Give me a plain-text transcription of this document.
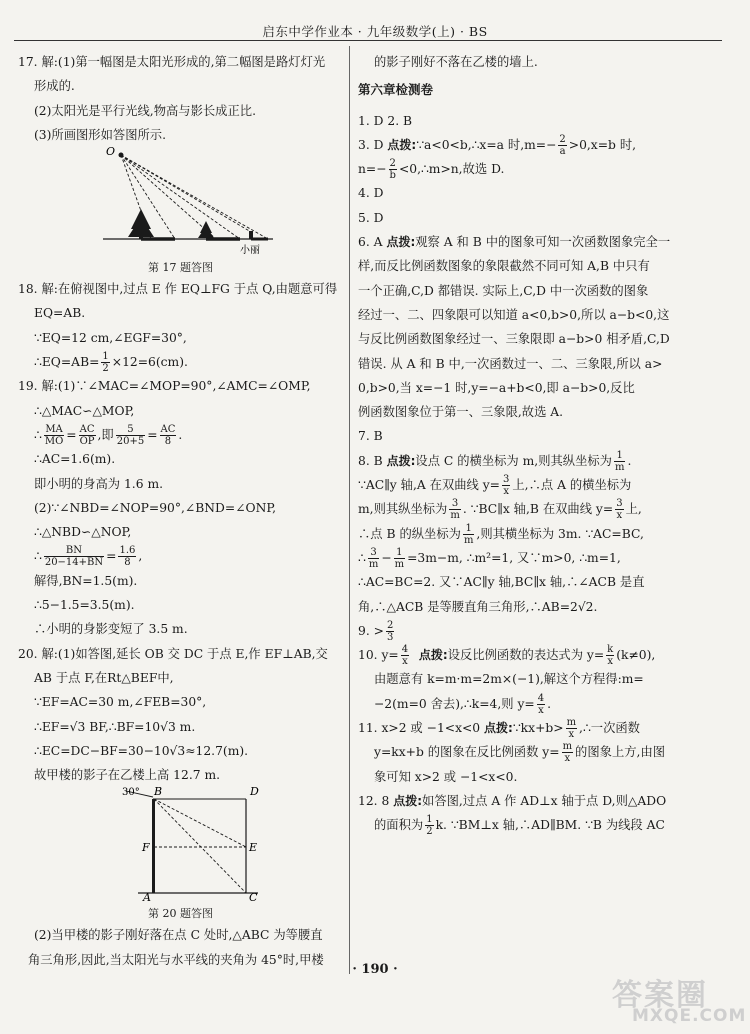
启东中学作业本 · 九年级数学(上) · BS
17. 解:(1)第一幅图是太阳光形成的,第二幅图是路灯灯光
形成的.
(2)太阳光是平行光线,物高与影长成正比.
(3)所画图形如答图所示.
O
小丽
第 17 题答图
18. 解:在俯视图中,过点 E 作 EQ⊥FG 于点 Q,由题意可得
EQ=AB.
∵EQ=12 cm,∠EGF=30°,
∴EQ=AB= $\frac{1}{2} \times 12=6(cm)$.
19. 解:(1)∵∠MAC=∠MOP=90°,∠AMC=∠OMP,
∴△MAC∽△MOP,
∴ $\frac{MA}{MO} = \frac{AC}{OP}$ ,即 $\frac{5}{20+5} = \frac{AC}{8}$ .
∴AC=1.6(m).
即小明的身高为 1.6 m.
(2)∵∠NBD=∠NOP=90°,∠BND=∠ONP,
∴△NBD∽△NOP,
∴ $\frac{BN}{20-14+BN} = \frac{1.6}{8}$ ,
解得,BN=1.5(m).
∴5−1.5=3.5(m).
∴小明的身影变短了 3.5 m.
20. 解:(1)如答图,延长 OB 交 DC 于点 E,作 EF⊥AB,交
AB 于点 F,在Rt△BEF中,
∵EF=AC=30 m,∠FEB=30°,
∴EF=√3 BF,∴BF=10√3 m.
∴EC=DC−BF=30−10√3≈12.7(m).
故甲楼的影子在乙楼上高 12.7 m.
30° B	D
F	E
A	C
第 20 题答图
(2)当甲楼的影子刚好落在点 C 处时,△ABC 为等腰直
角三角形,因此,当太阳光与水平线的夹角为 45°时,甲楼
的影子刚好不落在乙楼的墙上.
第六章检测卷
1. D 2. B
3. D 点拨:∵a<0<b,∴x=a 时$,m=- \frac{2}{a} >0,x=b$ 时,
$n=- \frac{2}{b}$ <0,∴m>n,故选 D.
4. D
5. D
6. A 点拨:观察 A 和 B 中的图象可知一次函数图象完全一
样,而反比例函数图象的象限截然不同可知 A,B 中只有
一个正确,C,D 都错误. 实际上,C,D 中一次函数的图象
经过一、二、四象限可以知道 a<0,b>0,所以 a−b<0,这
与反比例函数图象经过一、三象限即 a−b>0 相矛盾,C,D
错误. 从 A 和 B 中,一次函数过一、二、三象限,所以 a>
0,b>0,当 x=−1 时,y=−a+b<0,即 a−b>0,反比
例函数图象位于第一、三象限,故选 A.
7. B
8. B 点拨:设点 C 的横坐标为 m,则其纵坐标为 $\frac{1}{m}$ .
∵AC∥y 轴,A 在双曲线 $y= \frac{3}{x}$ 上,∴点 A 的横坐标为
m,则其纵坐标为 $\frac{3}{m}$ . ∵BC∥x 轴,B 在双曲线 $y= \frac{3}{x}$ 上,
∴点 B 的纵坐标为 $\frac{1}{m}$ ,则其横坐标为 3m. ∵AC=BC,
∴ $\frac{3}{m} - \frac{1}{m} =3m-m$, ∴m²=1, 又∵m>0, ∴m=1,
∴AC=BC=2. 又∵AC∥y 轴,BC∥x 轴,∴∠ACB 是直
角,∴△ACB 是等腰直角三角形,∴AB=2√2.
9. > $\frac{2}{3}$
10. $y= \frac{4}{x}$ 点拨:设反比例函数的表达式为 $y= \frac{k}{x} (k\ne 0)$,
由题意有 k=m·m=2m×(−1),解这个方程得:m=
−2(m=0 舍去),∴k=4,则 $y= \frac{4}{x}$ .
11. x>2 或 −1<x<0 点拨:∵kx+b> $\frac{m}{x}$ ,∴一次函数
y=kx+b 的图象在反比例函数 $y= \frac{m}{x}$ 的图象上方,由图
象可知 x>2 或 −1<x<0.
12. 8 点拨:如答图,过点 A 作 AD⊥x 轴于点 D,则△ADO
的面积为 $\frac{1}{2} k$. ∵BM⊥x 轴,∴AD∥BM. ∵B 为线段 AC
· 190 ·
答案圈
MXQE.COM
